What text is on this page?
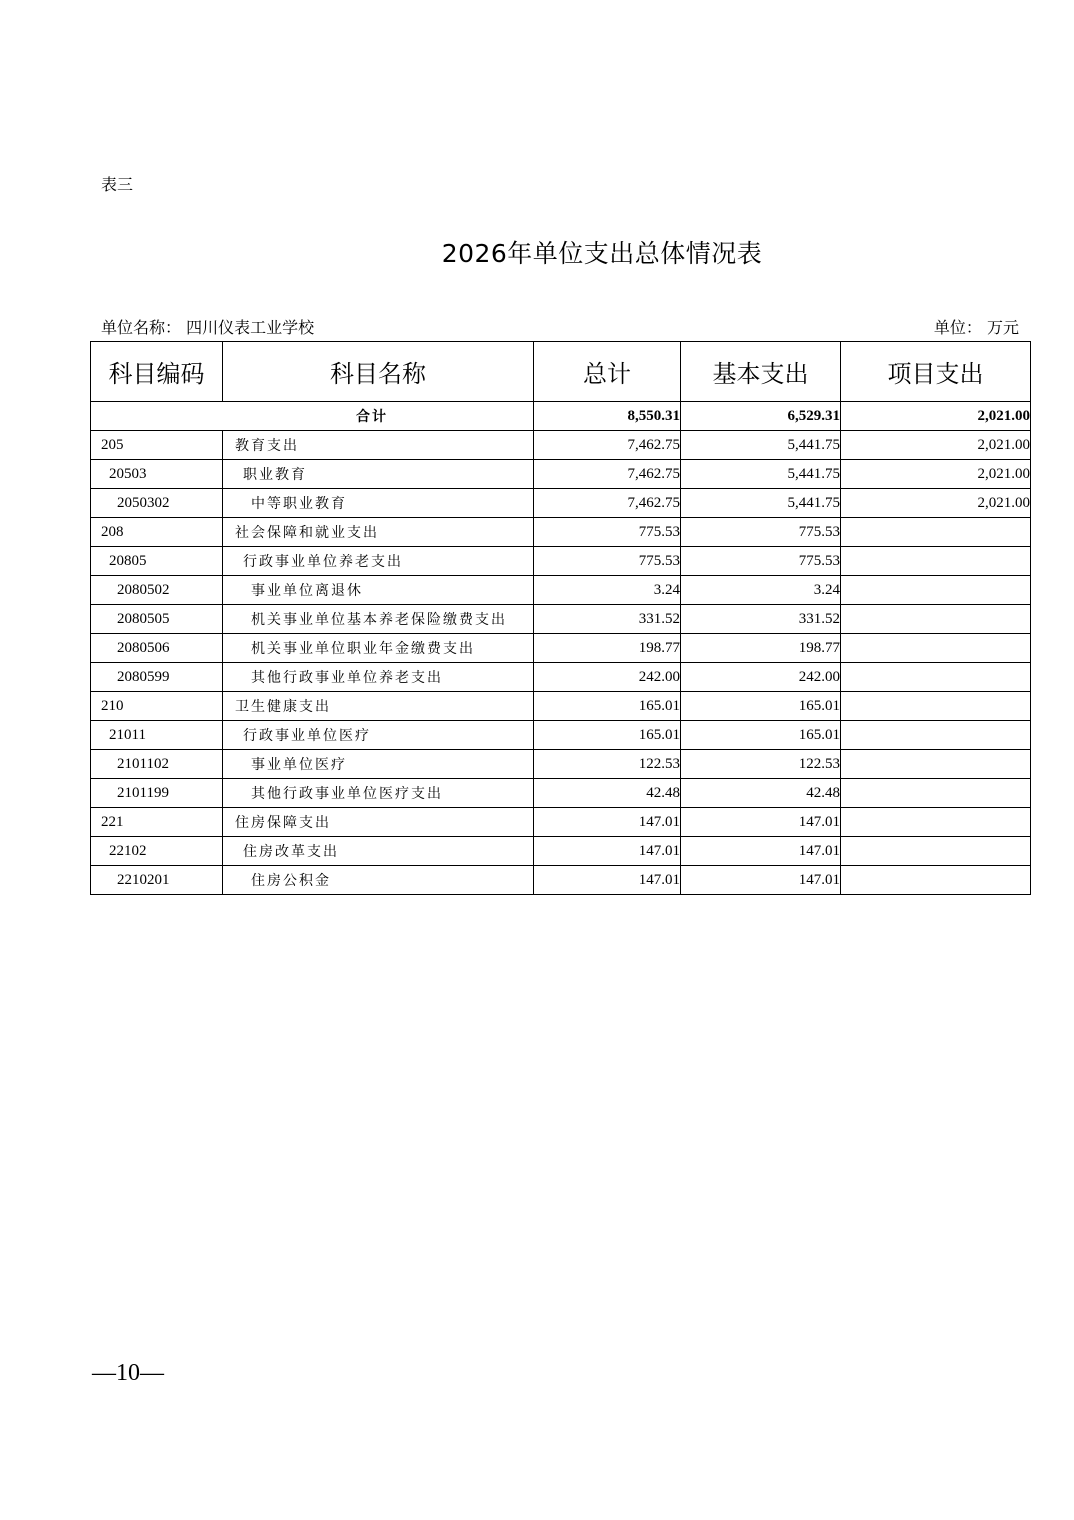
表三
2026年单位支出总体情况表
单位名称： 四川仪表工业学校	单位： 万元
科目编码	科目名称	总计	基本支出	项目支出
合计		8,550.31	6,529.31	2,021.00
205	教育支出	7,462.75	5,441.75	2,021.00
20503	职业教育	7,462.75	5,441.75	2,021.00
2050302	中等职业教育	7,462.75	5,441.75	2,021.00
208	社会保障和就业支出	775.53	775.53	
20805	行政事业单位养老支出	775.53	775.53	
2080502	事业单位离退休	3.24	3.24	
2080505	机关事业单位基本养老保险缴费支出	331.52	331.52	
2080506	机关事业单位职业年金缴费支出	198.77	198.77	
2080599	其他行政事业单位养老支出	242.00	242.00	
210	卫生健康支出	165.01	165.01	
21011	行政事业单位医疗	165.01	165.01	
2101102	事业单位医疗	122.53	122.53	
2101199	其他行政事业单位医疗支出	42.48	42.48	
221	住房保障支出	147.01	147.01	
22102	住房改革支出	147.01	147.01	
2210201	住房公积金	147.01	147.01	
—10—
